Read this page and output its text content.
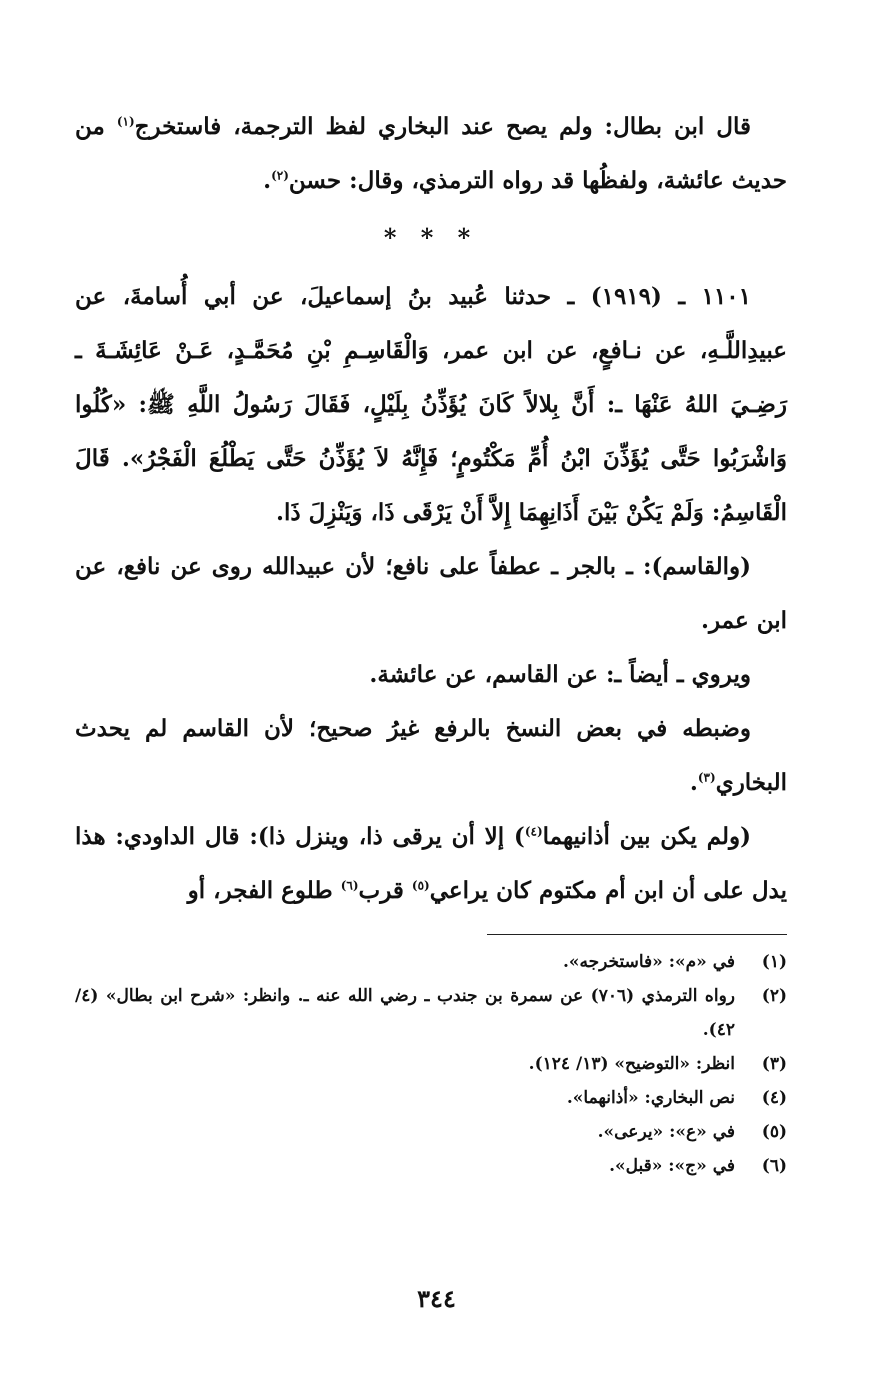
قال ابن بطال: ولم يصح عند البخاري لفظ الترجمة، فاستخرج$^{(١)}$ من حديث عائشة، ولفظُها قد رواه الترمذي، وقال: حسن$^{(٢)}$.

* * *

١١٠١ ـ (١٩١٩) ـ حدثنا عُبيد بنُ إسماعيلَ، عن أبي أُسامةَ، عن عبيدِاللَّـهِ، عن نـافعٍ، عن ابن عمر، وَالْقَاسِـمِ بْنِ مُحَمَّـدٍ، عَـنْ عَائِشَـةَ ـ رَضِـيَ اللهُ عَنْهَا ـ: أَنَّ بِلالاً كَانَ يُؤَذِّنُ بِلَيْلٍ، فَقَالَ رَسُولُ اللَّهِ ﷺ: «كُلُوا وَاشْرَبُوا حَتَّى يُؤَذِّنَ ابْنُ أُمِّ مَكْتُومٍ؛ فَإِنَّهُ لاَ يُؤَذِّنُ حَتَّى يَطْلُعَ الْفَجْرُ». قَالَ الْقَاسِمُ: وَلَمْ يَكُنْ بَيْنَ أَذَانِهِمَا إِلاَّ أَنْ يَرْقَى ذَا، وَيَنْزِلَ ذَا.

(والقاسم): ـ بالجر ـ عطفاً على نافع؛ لأن عبيدالله روى عن نافع، عن ابن عمر.

ويروي ـ أيضاً ـ: عن القاسم، عن عائشة.

وضبطه في بعض النسخ بالرفع غيرُ صحيح؛ لأن القاسم لم يحدث البخاري$^{(٣)}$.

(ولم يكن بين أذانيهما$^{(٤)}$) إلا أن يرقى ذا، وينزل ذا): قال الداودي: هذا يدل على أن ابن أم مكتوم كان يراعي$^{(٥)}$ قرب$^{(٦)}$ طلوع الفجر، أو

(١)
في «م»: «فاستخرجه».
(٢)
رواه الترمذي (٧٠٦) عن سمرة بن جندب ـ رضي الله عنه ـ. وانظر: «شرح ابن بطال» (٤/ ٤٢).
(٣)
انظر: «التوضيح» (١٣/ ١٢٤).
(٤)
نص البخاري: «أذانهما».
(٥)
في «ع»: «يرعى».
(٦)
في «ج»: «قبل».
٣٤٤
